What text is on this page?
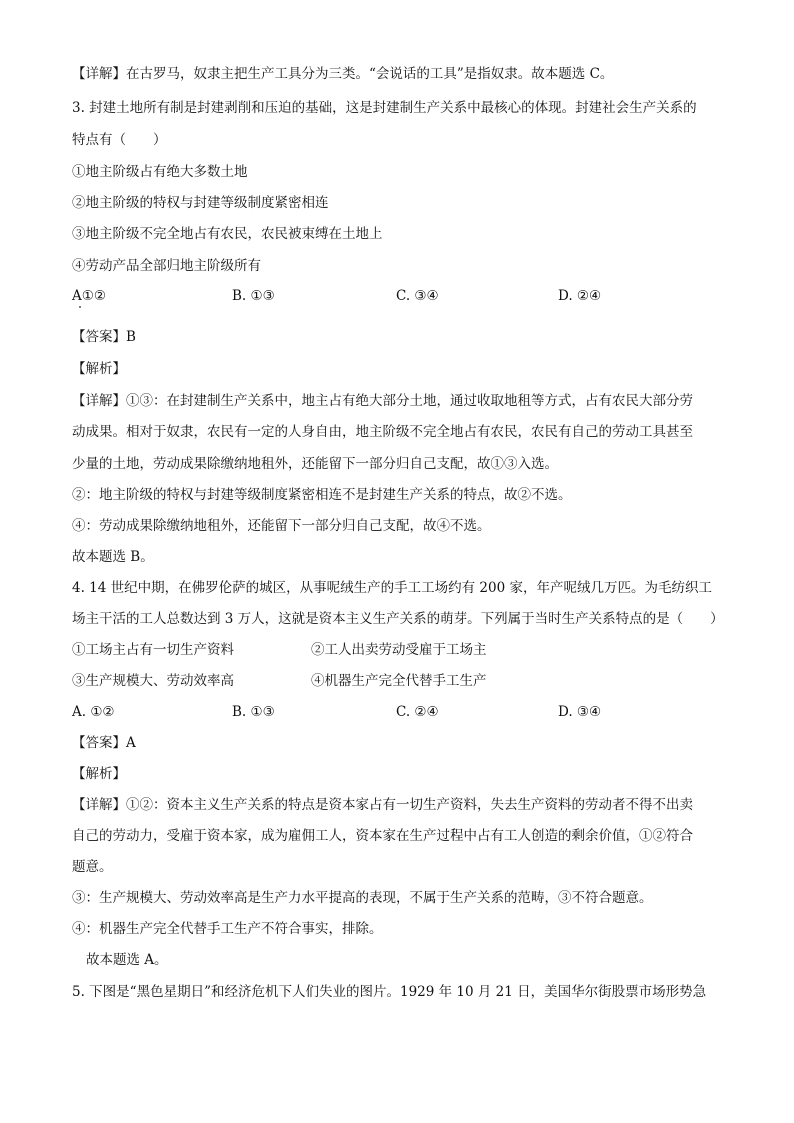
【详解】在古罗马，奴隶主把生产工具分为三类。“会说话的工具”是指奴隶。故本题选 C。
3. 封建土地所有制是封建剥削和压迫的基础，这是封建制生产关系中最核心的体现。封建社会生产关系的
特点有（　　）
①地主阶级占有绝大多数土地
②地主阶级的特权与封建等级制度紧密相连
③地主阶级不完全地占有农民，农民被束缚在土地上
④劳动产品全部归地主阶级所有
A①②	B. ①③	C. ③④	D. ②④
【答案】B
【解析】
【详解】①③：在封建制生产关系中，地主占有绝大部分土地，通过收取地租等方式，占有农民大部分劳
动成果。相对于奴隶，农民有一定的人身自由，地主阶级不完全地占有农民，农民有自己的劳动工具甚至
少量的土地，劳动成果除缴纳地租外，还能留下一部分归自己支配，故①③入选。
②：地主阶级的特权与封建等级制度紧密相连不是封建生产关系的特点，故②不选。
④：劳动成果除缴纳地租外，还能留下一部分归自己支配，故④不选。
故本题选 B。
4. 14 世纪中期，在佛罗伦萨的城区，从事呢绒生产的手工工场约有 200 家，年产呢绒几万匹。为毛纺织工
场主干活的工人总数达到 3 万人，这就是资本主义生产关系的萌芽。下列属于当时生产关系特点的是（　　）
①工场主占有一切生产资料	②工人出卖劳动受雇于工场主
③生产规模大、劳动效率高	④机器生产完全代替手工生产
A. ①②	B. ①③	C. ②④	D. ③④
【答案】A
【解析】
【详解】①②：资本主义生产关系的特点是资本家占有一切生产资料，失去生产资料的劳动者不得不出卖
自己的劳动力，受雇于资本家，成为雇佣工人，资本家在生产过程中占有工人创造的剩余价值，①②符合
题意。
③：生产规模大、劳动效率高是生产力水平提高的表现，不属于生产关系的范畴，③不符合题意。
④：机器生产完全代替手工生产不符合事实，排除。
故本题选 A。
5. 下图是“黑色星期日”和经济危机下人们失业的图片。1929 年 10 月 21 日，美国华尔街股票市场形势急
